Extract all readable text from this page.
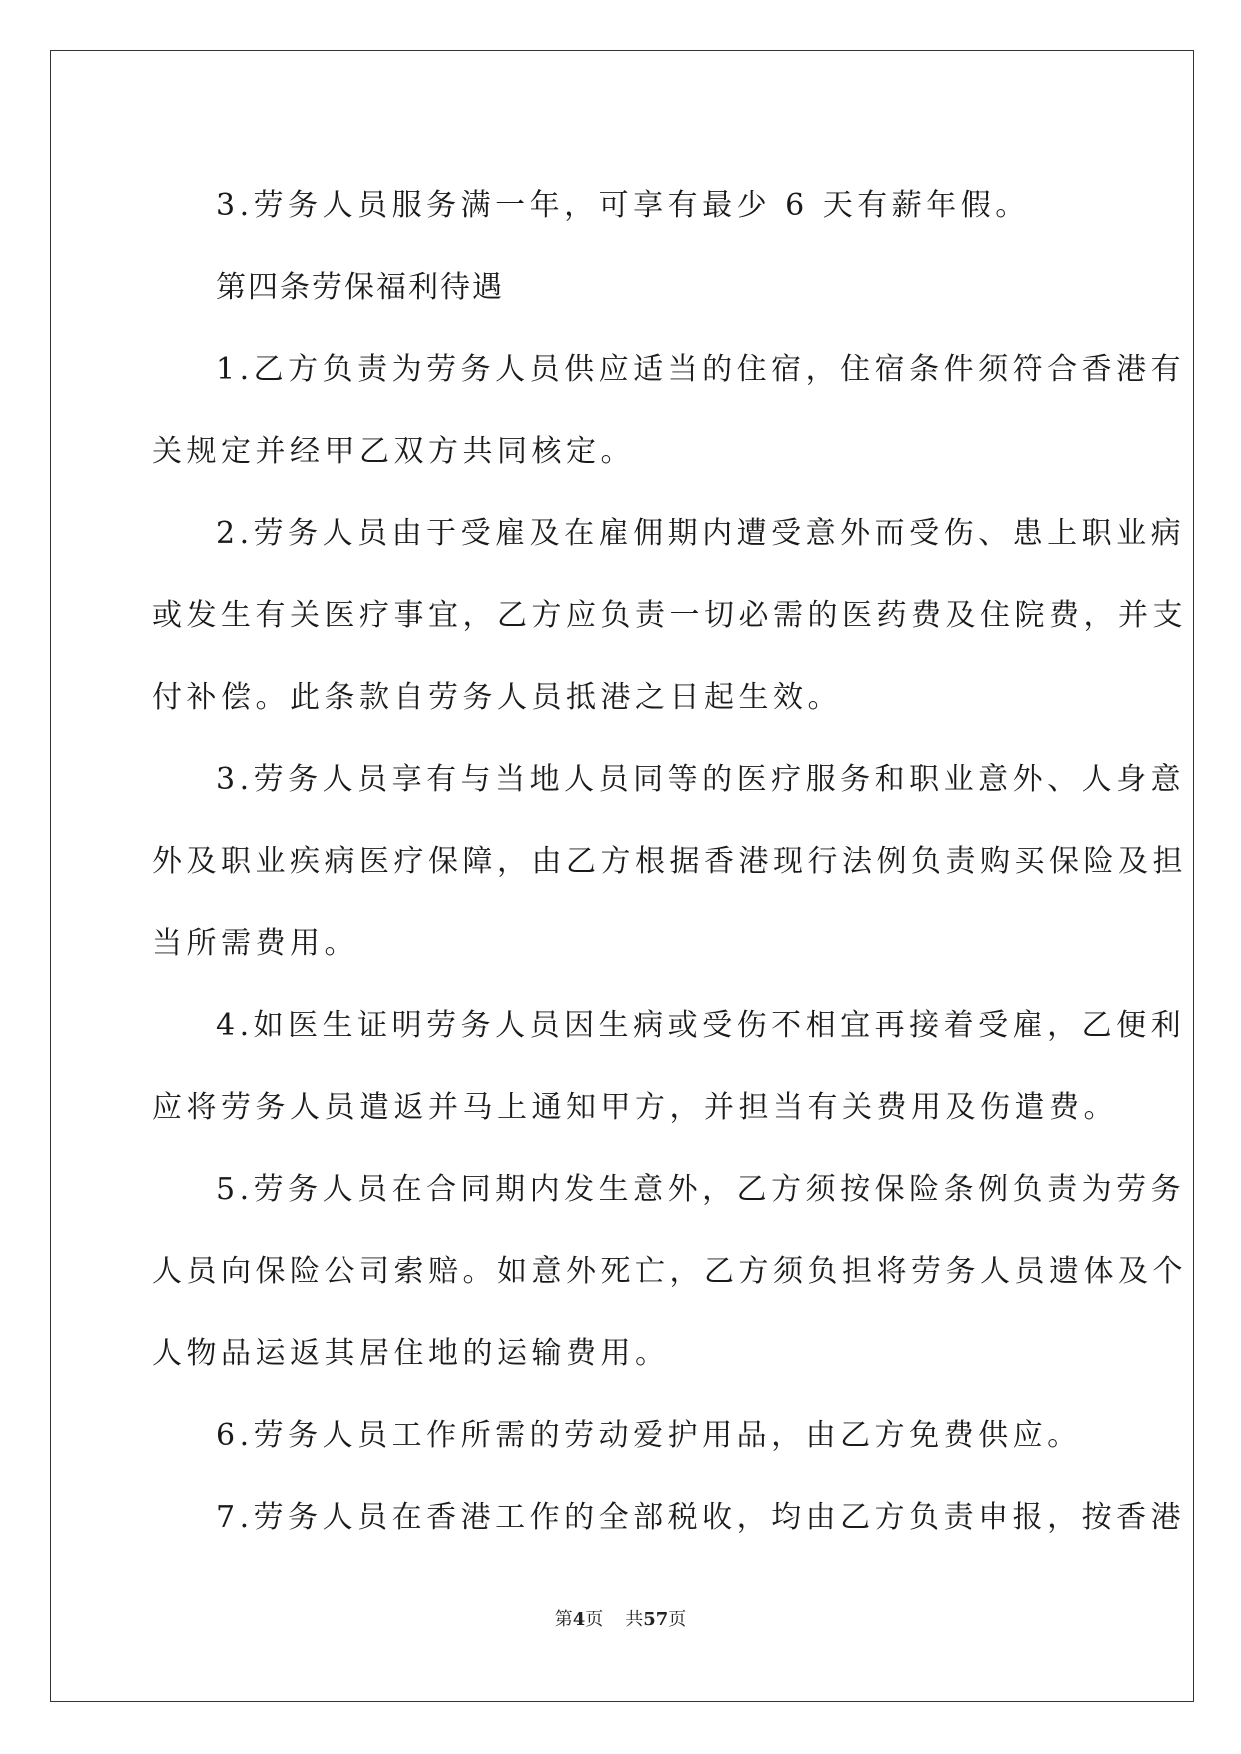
3.劳务人员服务满一年，可享有最少 6 天有薪年假。

第四条劳保福利待遇

1.乙方负责为劳务人员供应适当的住宿，住宿条件须符合香港有
关规定并经甲乙双方共同核定。

2.劳务人员由于受雇及在雇佣期内遭受意外而受伤、患上职业病
或发生有关医疗事宜，乙方应负责一切必需的医药费及住院费，并支
付补偿。此条款自劳务人员抵港之日起生效。

3.劳务人员享有与当地人员同等的医疗服务和职业意外、人身意
外及职业疾病医疗保障，由乙方根据香港现行法例负责购买保险及担
当所需费用。

4.如医生证明劳务人员因生病或受伤不相宜再接着受雇，乙便利
应将劳务人员遣返并马上通知甲方，并担当有关费用及伤遣费。

5.劳务人员在合同期内发生意外，乙方须按保险条例负责为劳务
人员向保险公司索赔。如意外死亡，乙方须负担将劳务人员遗体及个
人物品运返其居住地的运输费用。

6.劳务人员工作所需的劳动爱护用品，由乙方免费供应。

7.劳务人员在香港工作的全部税收，均由乙方负责申报，按香港

第4页 共57页
